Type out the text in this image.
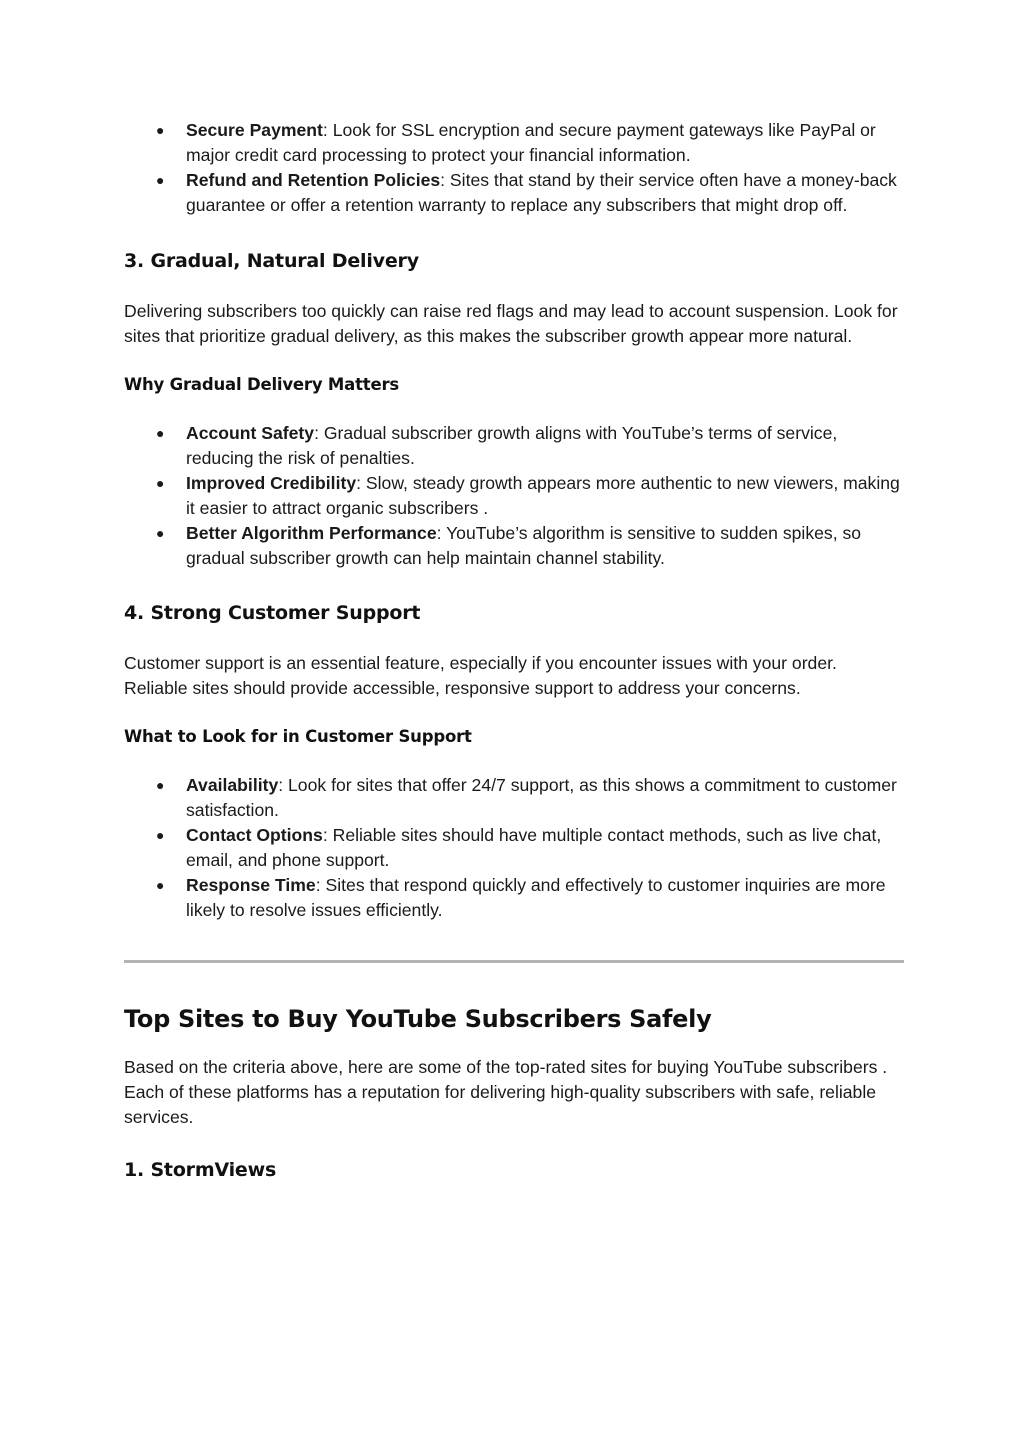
● Secure Payment: Look for SSL encryption and secure payment gateways like PayPal or major credit card processing to protect your financial information.
● Refund and Retention Policies: Sites that stand by their service often have a money-back guarantee or offer a retention warranty to replace any subscribers that might drop off.
3. Gradual, Natural Delivery

Delivering subscribers too quickly can raise red flags and may lead to account suspension. Look for sites that prioritize gradual delivery, as this makes the subscriber growth appear more natural.

Why Gradual Delivery Matters
● Account Safety: Gradual subscriber growth aligns with YouTube’s terms of service, reducing the risk of penalties.
● Improved Credibility: Slow, steady growth appears more authentic to new viewers, making it easier to attract organic subscribers .
● Better Algorithm Performance: YouTube’s algorithm is sensitive to sudden spikes, so gradual subscriber growth can help maintain channel stability.
4. Strong Customer Support

Customer support is an essential feature, especially if you encounter issues with your order. Reliable sites should provide accessible, responsive support to address your concerns.

What to Look for in Customer Support
● Availability: Look for sites that offer 24/7 support, as this shows a commitment to customer satisfaction.
● Contact Options: Reliable sites should have multiple contact methods, such as live chat, email, and phone support.
● Response Time: Sites that respond quickly and effectively to customer inquiries are more likely to resolve issues efficiently.
Top Sites to Buy YouTube Subscribers Safely

Based on the criteria above, here are some of the top-rated sites for buying YouTube subscribers . Each of these platforms has a reputation for delivering high-quality subscribers with safe, reliable services.

1. StormViews
